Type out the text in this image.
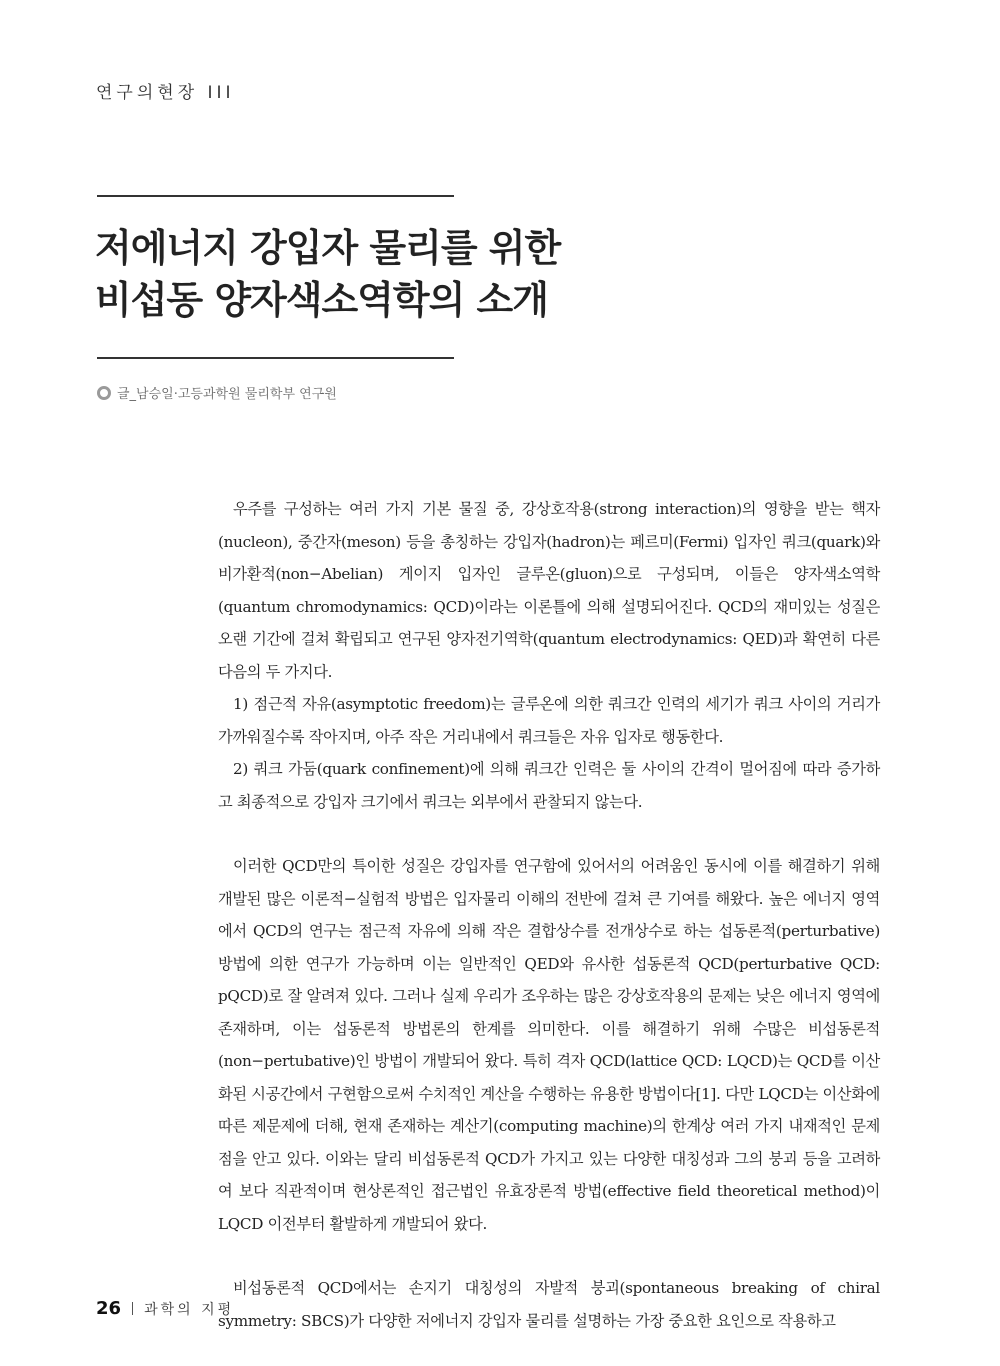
연구의현장 III
저에너지 강입자 물리를 위한
비섭동 양자색소역학의 소개
글_남승일·고등과학원 물리학부 연구원

우주를 구성하는 여러 가지 기본 물질 중, 강상호작용(strong interaction)의 영향을 받는 핵자(nucleon), 중간자(meson) 등을 총칭하는 강입자(hadron)는 페르미(Fermi) 입자인 쿼크(quark)와 비가환적(non−Abelian) 게이지 입자인 글루온(gluon)으로 구성되며, 이들은 양자색소역학(quantum chromodynamics: QCD)이라는 이론틀에 의해 설명되어진다. QCD의 재미있는 성질은 오랜 기간에 걸쳐 확립되고 연구된 양자전기역학(quantum electrodynamics: QED)과 확연히 다른 다음의 두 가지다.

1) 점근적 자유(asymptotic freedom)는 글루온에 의한 쿼크간 인력의 세기가 쿼크 사이의 거리가 가까워질수록 작아지며, 아주 작은 거리내에서 쿼크들은 자유 입자로 행동한다.

2) 쿼크 가둠(quark confinement)에 의해 쿼크간 인력은 둘 사이의 간격이 멀어짐에 따라 증가하고 최종적으로 강입자 크기에서 쿼크는 외부에서 관찰되지 않는다.

이러한 QCD만의 특이한 성질은 강입자를 연구함에 있어서의 어려움인 동시에 이를 해결하기 위해 개발된 많은 이론적−실험적 방법은 입자물리 이해의 전반에 걸쳐 큰 기여를 해왔다. 높은 에너지 영역에서 QCD의 연구는 점근적 자유에 의해 작은 결합상수를 전개상수로 하는 섭동론적(perturbative) 방법에 의한 연구가 가능하며 이는 일반적인 QED와 유사한 섭동론적 QCD(perturbative QCD: pQCD)로 잘 알려져 있다. 그러나 실제 우리가 조우하는 많은 강상호작용의 문제는 낮은 에너지 영역에 존재하며, 이는 섭동론적 방법론의 한계를 의미한다. 이를 해결하기 위해 수많은 비섭동론적(non−pertubative)인 방법이 개발되어 왔다. 특히 격자 QCD(lattice QCD: LQCD)는 QCD를 이산화된 시공간에서 구현함으로써 수치적인 계산을 수행하는 유용한 방법이다[1]. 다만 LQCD는 이산화에 따른 제문제에 더해, 현재 존재하는 계산기(computing machine)의 한계상 여러 가지 내재적인 문제점을 안고 있다. 이와는 달리 비섭동론적 QCD가 가지고 있는 다양한 대칭성과 그의 붕괴 등을 고려하여 보다 직관적이며 현상론적인 접근법인 유효장론적 방법(effective field theoretical method)이 LQCD 이전부터 활발하게 개발되어 왔다.

비섭동론적 QCD에서는 손지기 대칭성의 자발적 붕괴(spontaneous breaking of chiral symmetry: SBCS)가 다양한 저에너지 강입자 물리를 설명하는 가장 중요한 요인으로 작용하고

26 과학의 지평
